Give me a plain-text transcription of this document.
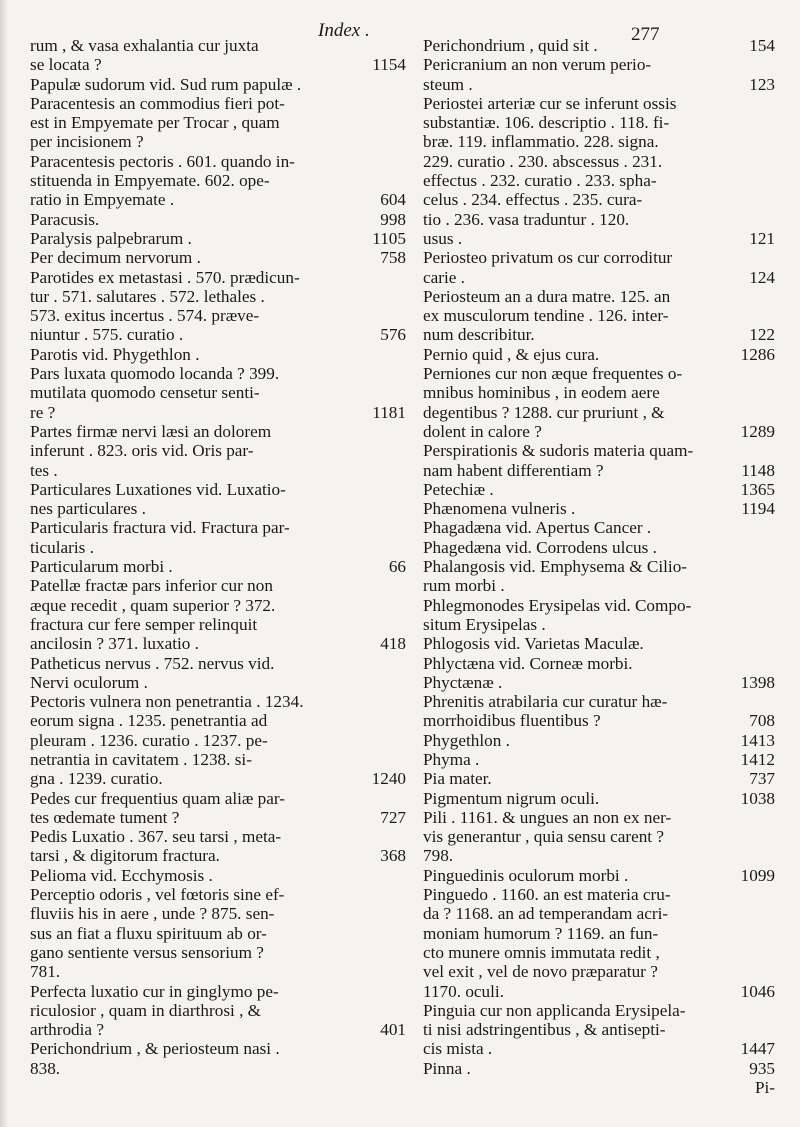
Index .	277
rum , & vasa exhalantia cur juxta
se locata ?	1154
Papulæ sudorum vid. Sud rum papulæ .
Paracentesis an commodius fieri pot-
est in Empyemate per Trocar , quam
per incisionem ?
Paracentesis pectoris . 601. quando in-
stituenda in Empyemate. 602. ope-
ratio in Empyemate .	604
Paracusis.	998
Paralysis palpebrarum .	1105
Per decimum nervorum .	758
Parotides ex metastasi . 570. prædicun-
tur . 571. salutares . 572. lethales .
573. exitus incertus . 574. præve-
niuntur . 575. curatio .	576
Parotis vid. Phygethlon .
Pars luxata quomodo locanda ? 399.
mutilata quomodo censetur senti-
re ?	1181
Partes firmæ nervi læsi an dolorem
inferunt . 823. oris vid. Oris par-
tes .
Particulares Luxationes vid. Luxatio-
nes particulares .
Particularis fractura vid. Fractura par-
ticularis .
Particularum morbi .	66
Patellæ fractæ pars inferior cur non
æque recedit , quam superior ? 372.
fractura cur fere semper relinquit
ancilosin ? 371. luxatio .	418
Patheticus nervus . 752. nervus vid.
Nervi oculorum .
Pectoris vulnera non penetrantia . 1234.
eorum signa . 1235. penetrantia ad
pleuram . 1236. curatio . 1237. pe-
netrantia in cavitatem . 1238. si-
gna . 1239. curatio.	1240
Pedes cur frequentius quam aliæ par-
tes œdemate tument ?	727
Pedis Luxatio . 367. seu tarsi , meta-
tarsi , & digitorum fractura.	368
Pelioma vid. Ecchymosis .
Perceptio odoris , vel fœtoris sine ef-
fluviis his in aere , unde ? 875. sen-
sus an fiat a fluxu spirituum ab or-
gano sentiente versus sensorium ?
781.
Perfecta luxatio cur in ginglymo pe-
riculosior , quam in diarthrosi , &
arthrodia ?	401
Perichondrium , & periosteum nasi .
838.
Perichondrium , quid sit .	154
Pericranium an non verum perio-
steum .	123
Periostei arteriæ cur se inferunt ossis
substantiæ. 106. descriptio . 118. fi-
bræ. 119. inflammatio. 228. signa.
229. curatio . 230. abscessus . 231.
effectus . 232. curatio . 233. spha-
celus . 234. effectus . 235. cura-
tio . 236. vasa traduntur . 120.
usus .	121
Periosteo privatum os cur corroditur
carie .	124
Periosteum an a dura matre. 125. an
ex musculorum tendine . 126. inter-
num describitur.	122
Pernio quid , & ejus cura.	1286
Perniones cur non æque frequentes o-
mnibus hominibus , in eodem aere
degentibus ? 1288. cur pruriunt , &
dolent in calore ?	1289
Perspirationis & sudoris materia quam-
nam habent differentiam ?	1148
Petechiæ .	1365
Phænomena vulneris .	1194
Phagadæna vid. Apertus Cancer .
Phagedæna vid. Corrodens ulcus .
Phalangosis vid. Emphysema & Cilio-
rum morbi .
Phlegmonodes Erysipelas vid. Compo-
situm Erysipelas .
Phlogosis vid. Varietas Maculæ.
Phlyctæna vid. Corneæ morbi.
Phyctænæ .	1398
Phrenitis atrabilaria cur curatur hæ-
morrhoidibus fluentibus ?	708
Phygethlon .	1413
Phyma .	1412
Pia mater.	737
Pigmentum nigrum oculi.	1038
Pili . 1161. & ungues an non ex ner-
vis generantur , quia sensu carent ?
798.
Pinguedinis oculorum morbi .	1099
Pinguedo . 1160. an est materia cru-
da ? 1168. an ad temperandam acri-
moniam humorum ? 1169. an fun-
cto munere omnis immutata redit ,
vel exit , vel de novo præparatur ?
1170. oculi.	1046
Pinguia cur non applicanda Erysipela-
ti nisi adstringentibus , & antisepti-
cis mista .	1447
Pinna .	935
Pi-
